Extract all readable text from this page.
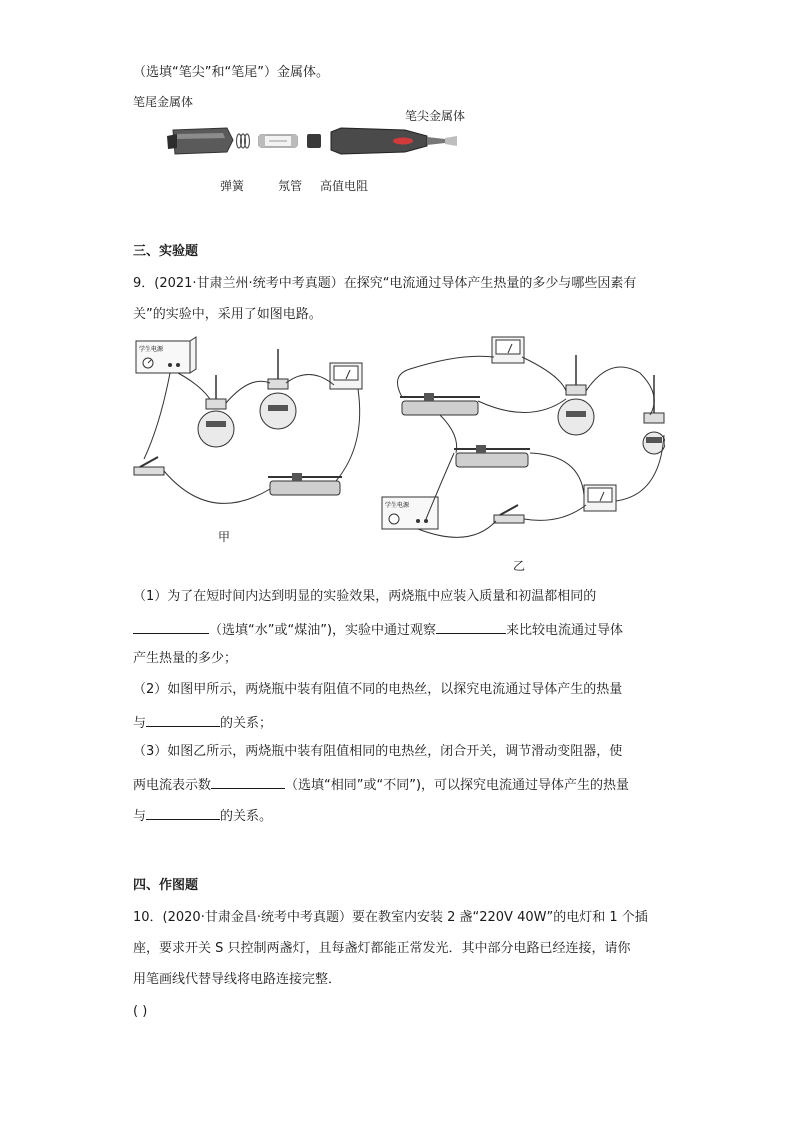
（选填“笔尖”和“笔尾”）金属体。
笔尾金属体
笔尖金属体
弹簧	氖管 高值电阻
三、实验题
9．(2021·甘肃兰州·统考中考真题）在探究“电流通过导体产生热量的多少与哪些因素有
关”的实验中，采用了如图电路。
学生电源
甲
学生电源
乙
（1）为了在短时间内达到明显的实验效果，两烧瓶中应装入质量和初温都相同的
（选填“水”或“煤油”)，实验中通过观察	来比较电流通过导体
产生热量的多少；
（2）如图甲所示，两烧瓶中装有阻值不同的电热丝，以探究电流通过导体产生的热量
与	的关系；
（3）如图乙所示，两烧瓶中装有阻值相同的电热丝，闭合开关，调节滑动变阻器，使
两电流表示数	（选填“相同”或“不同”)，可以探究电流通过导体产生的热量
与	的关系。
四、作图题
10．(2020·甘肃金昌·统考中考真题）要在教室内安装 2 盏“220V 40W”的电灯和 1 个插
座，要求开关 S 只控制两盏灯，且每盏灯都能正常发光．其中部分电路已经连接，请你
用笔画线代替导线将电路连接完整．
( )
